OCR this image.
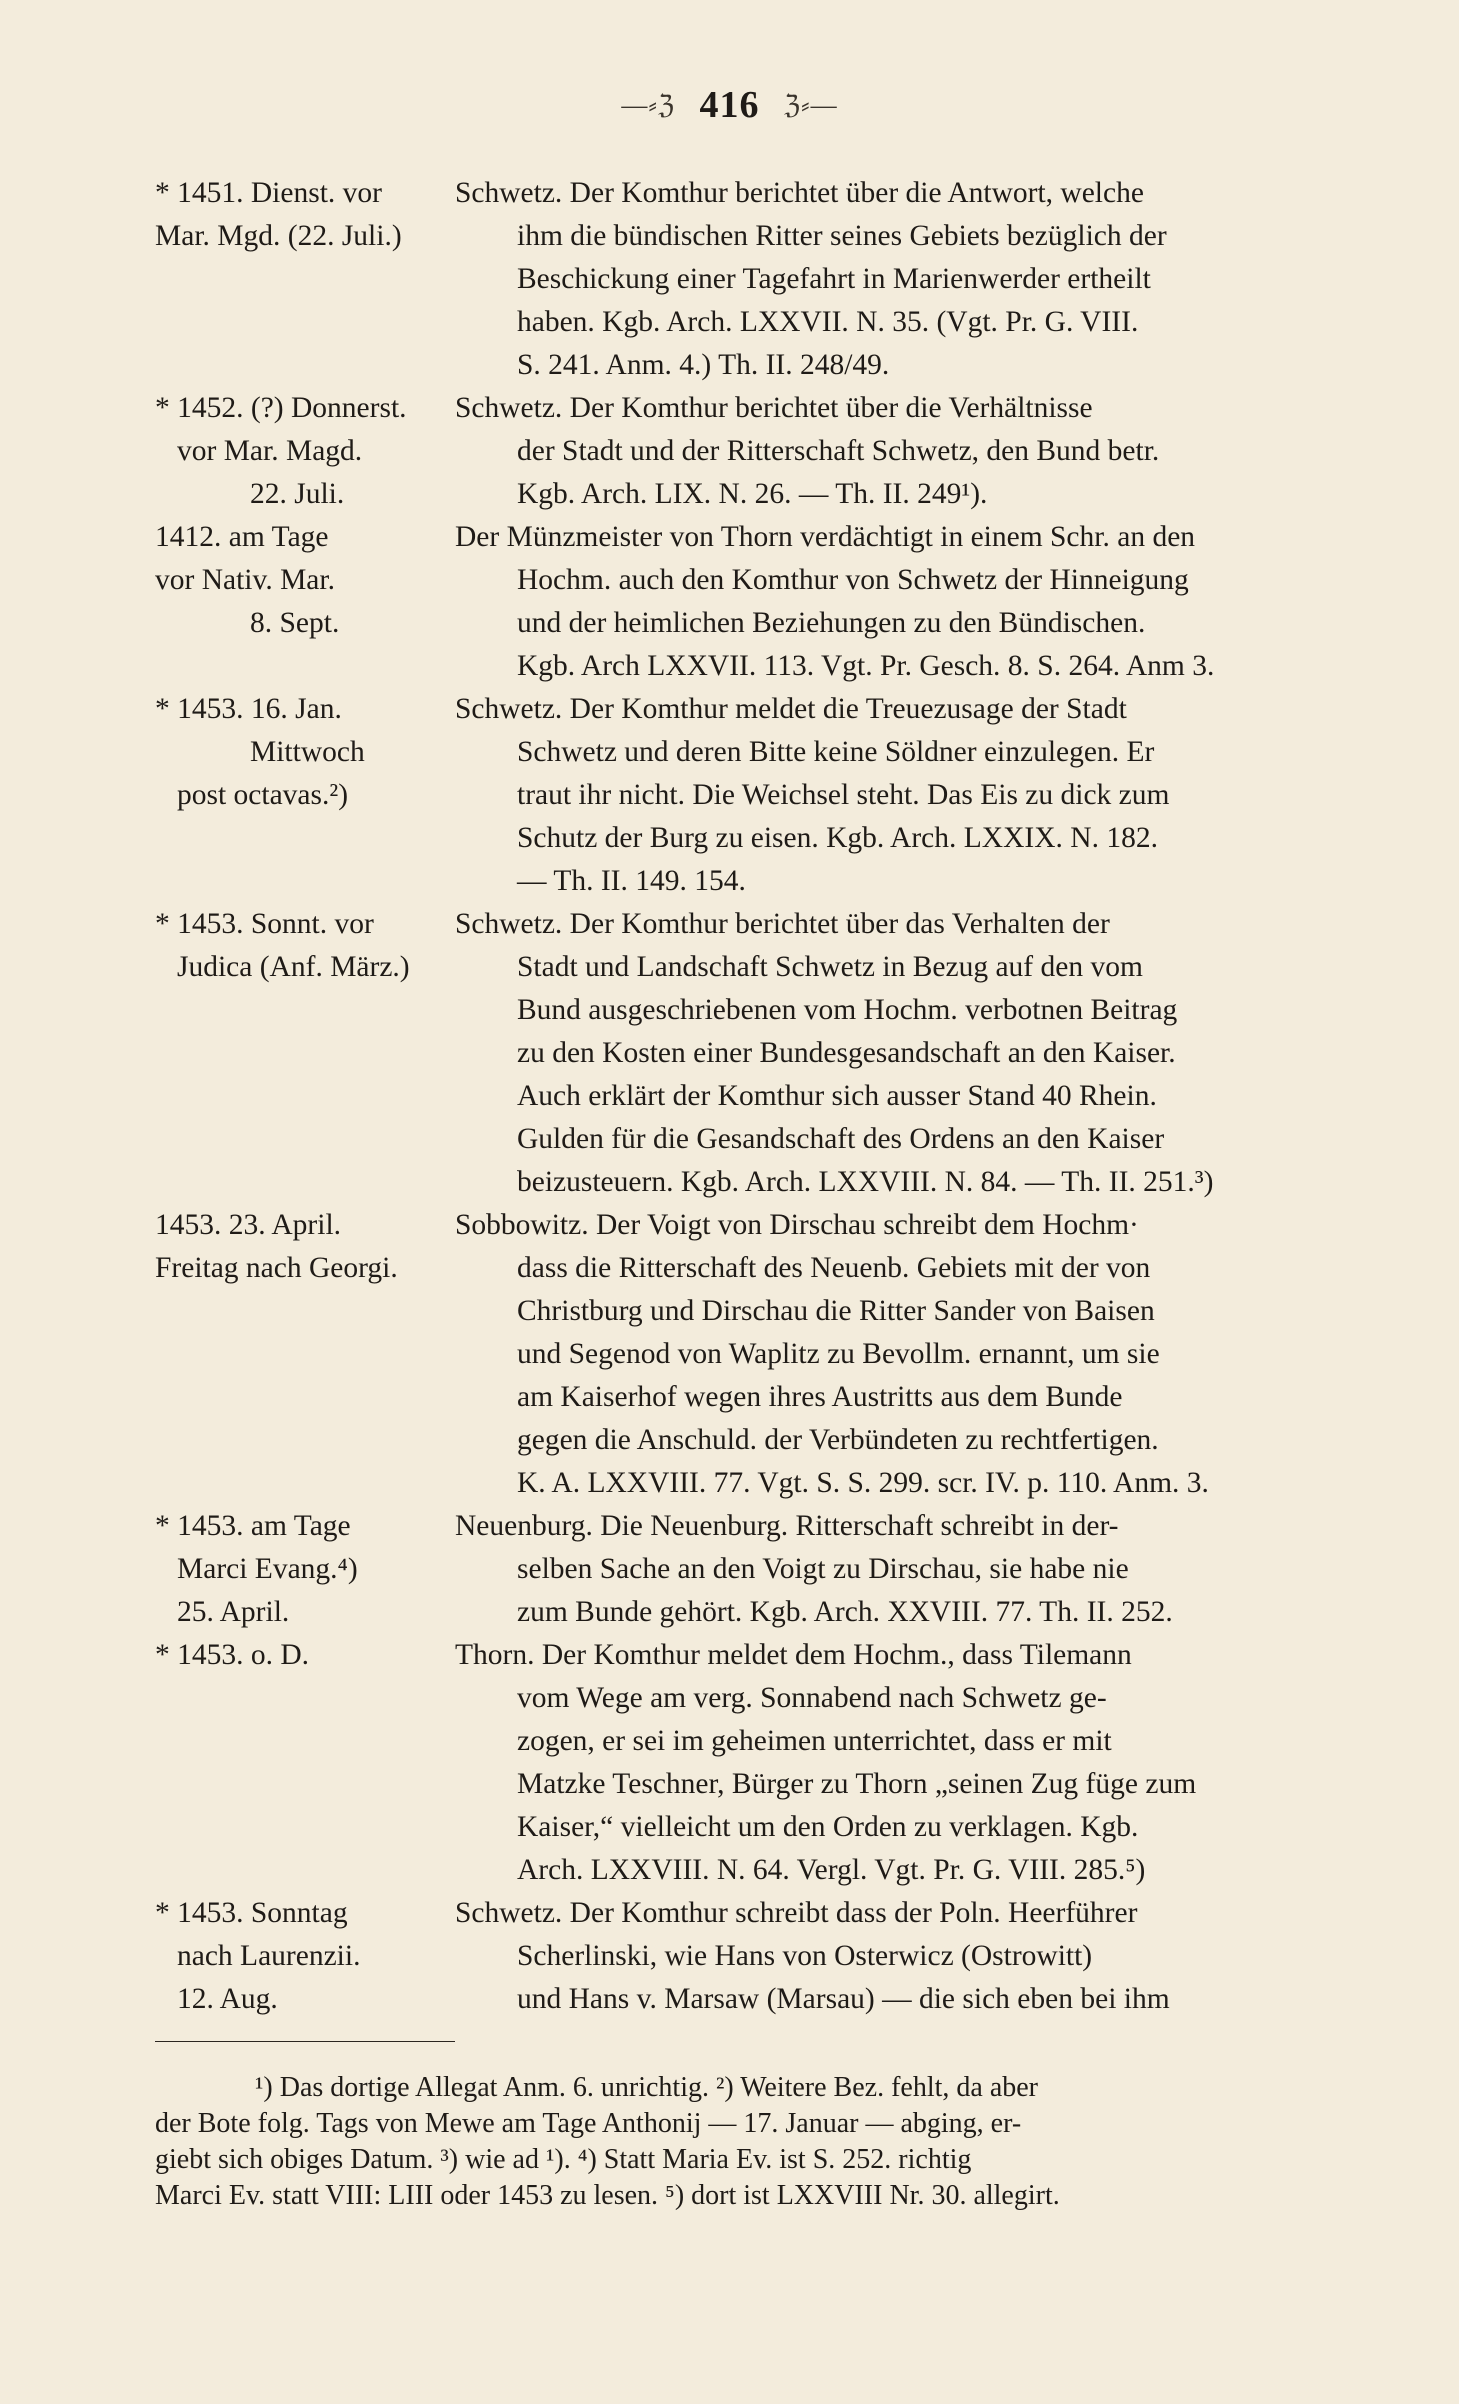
—⸗ℨ 416 ℨ⸗—
* 1451. Dienst. vor
Mar. Mgd. (22. Juli.)
Schwetz. Der Komthur berichtet über die Antwort, welche
ihm die bündischen Ritter seines Gebiets bezüglich der
Beschickung einer Tagefahrt in Marienwerder ertheilt
haben. Kgb. Arch. LXXVII. N. 35. (Vgt. Pr. G. VIII.
S. 241. Anm. 4.) Th. II. 248/49.
* 1452. (?) Donnerst.
vor Mar. Magd.
22. Juli.
Schwetz. Der Komthur berichtet über die Verhältnisse
der Stadt und der Ritterschaft Schwetz, den Bund betr.
Kgb. Arch. LIX. N. 26. — Th. II. 249¹).
1412. am Tage
vor Nativ. Mar.
8. Sept.
Der Münzmeister von Thorn verdächtigt in einem Schr. an den
Hochm. auch den Komthur von Schwetz der Hinneigung
und der heimlichen Beziehungen zu den Bündischen.
Kgb. Arch LXXVII. 113. Vgt. Pr. Gesch. 8. S. 264. Anm 3.
* 1453. 16. Jan.
Mittwoch
post octavas.²)
Schwetz. Der Komthur meldet die Treuezusage der Stadt
Schwetz und deren Bitte keine Söldner einzulegen. Er
traut ihr nicht. Die Weichsel steht. Das Eis zu dick zum
Schutz der Burg zu eisen. Kgb. Arch. LXXIX. N. 182.
— Th. II. 149. 154.
* 1453. Sonnt. vor
Judica (Anf. März.)
Schwetz. Der Komthur berichtet über das Verhalten der
Stadt und Landschaft Schwetz in Bezug auf den vom
Bund ausgeschriebenen vom Hochm. verbotnen Beitrag
zu den Kosten einer Bundesgesandschaft an den Kaiser.
Auch erklärt der Komthur sich ausser Stand 40 Rhein.
Gulden für die Gesandschaft des Ordens an den Kaiser
beizusteuern. Kgb. Arch. LXXVIII. N. 84. — Th. II. 251.³)
1453. 23. April.
Freitag nach Georgi.
Sobbowitz. Der Voigt von Dirschau schreibt dem Hochm·
dass die Ritterschaft des Neuenb. Gebiets mit der von
Christburg und Dirschau die Ritter Sander von Baisen
und Segenod von Waplitz zu Bevollm. ernannt, um sie
am Kaiserhof wegen ihres Austritts aus dem Bunde
gegen die Anschuld. der Verbündeten zu rechtfertigen.
K. A. LXXVIII. 77. Vgt. S. S. 299. scr. IV. p. 110. Anm. 3.
* 1453. am Tage
Marci Evang.⁴)
25. April.
Neuenburg. Die Neuenburg. Ritterschaft schreibt in der-
selben Sache an den Voigt zu Dirschau, sie habe nie
zum Bunde gehört. Kgb. Arch. XXVIII. 77. Th. II. 252.
* 1453. o. D.	Thorn. Der Komthur meldet dem Hochm., dass Tilemann
vom Wege am verg. Sonnabend nach Schwetz ge-
zogen, er sei im geheimen unterrichtet, dass er mit
Matzke Teschner, Bürger zu Thorn „seinen Zug füge zum
Kaiser,“ vielleicht um den Orden zu verklagen. Kgb.
Arch. LXXVIII. N. 64. Vergl. Vgt. Pr. G. VIII. 285.⁵)
* 1453. Sonntag
nach Laurenzii.
12. Aug.
Schwetz. Der Komthur schreibt dass der Poln. Heerführer
Scherlinski, wie Hans von Osterwicz (Ostrowitt)
und Hans v. Marsaw (Marsau) — die sich eben bei ihm
¹) Das dortige Allegat Anm. 6. unrichtig. ²) Weitere Bez. fehlt, da aber
der Bote folg. Tags von Mewe am Tage Anthonij — 17. Januar — abging, er-
giebt sich obiges Datum. ³) wie ad ¹). ⁴) Statt Maria Ev. ist S. 252. richtig
Marci Ev. statt VIII: LIII oder 1453 zu lesen. ⁵) dort ist LXXVIII Nr. 30. allegirt.
